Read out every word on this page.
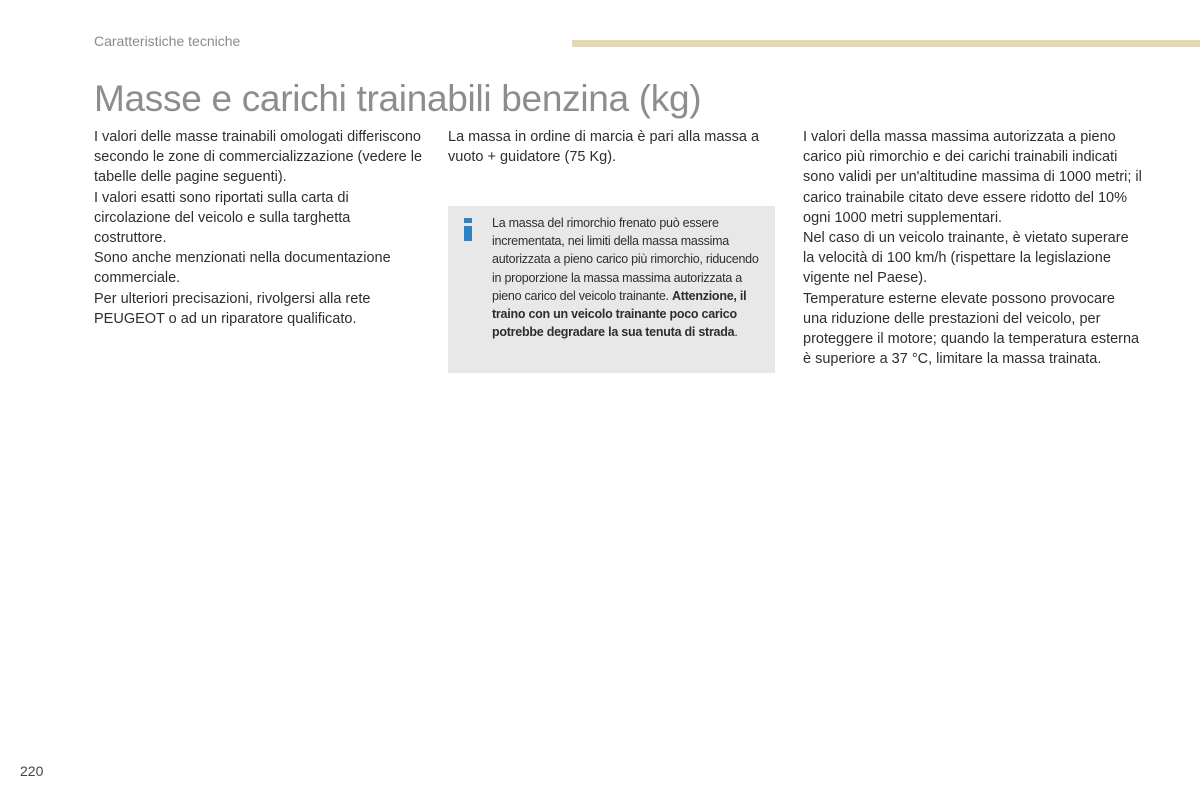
Caratteristiche tecniche
Masse e carichi trainabili benzina (kg)

I valori delle masse trainabili omologati differiscono secondo le zone di commercializzazione (vedere le tabelle delle pagine seguenti).

I valori esatti sono riportati sulla carta di circolazione del veicolo e sulla targhetta costruttore.

Sono anche menzionati nella documentazione commerciale.

Per ulteriori precisazioni, rivolgersi alla rete PEUGEOT o ad un riparatore qualificato.

La massa in ordine di marcia è pari alla massa a vuoto + guidatore (75 Kg).

La massa del rimorchio frenato può essere incrementata, nei limiti della massa massima autorizzata a pieno carico più rimorchio, riducendo in proporzione la massa massima autorizzata a pieno carico del veicolo trainante. Attenzione, il traino con un veicolo trainante poco carico potrebbe degradare la sua tenuta di strada.

I valori della massa massima autorizzata a pieno carico più rimorchio e dei carichi trainabili indicati sono validi per un'altitudine massima di 1000 metri; il carico trainabile citato deve essere ridotto del 10% ogni 1000 metri supplementari.

Nel caso di un veicolo trainante, è vietato superare la velocità di 100 km/h (rispettare la legislazione vigente nel Paese).

Temperature esterne elevate possono provocare una riduzione delle prestazioni del veicolo, per proteggere il motore; quando la temperatura esterna è superiore a 37 °C, limitare la massa trainata.

220
